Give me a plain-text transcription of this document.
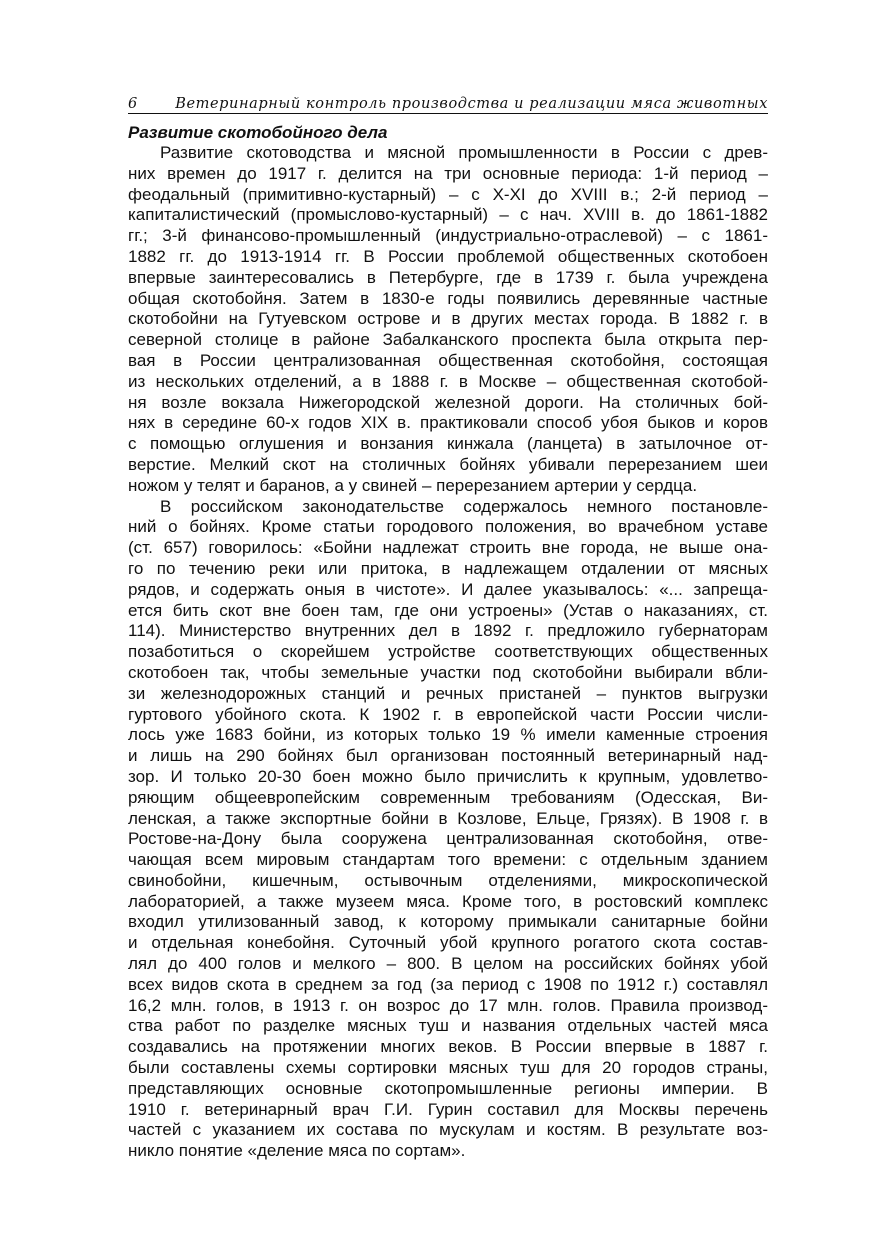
6	Ветеринарный контроль производства и реализации мяса животных
Развитие скотобойного дела

Развитие скотоводства и мясной промышленности в России с древ-
них времен до 1917 г. делится на три основные периода: 1-й период –
феодальный (примитивно-кустарный) – с X-XI до XVIII в.; 2-й период –
капиталистический (промыслово-кустарный) – с нач. XVIII в. до 1861-1882
гг.; 3-й финансово-промышленный (индустриально-отраслевой) – с 1861-
1882 гг. до 1913-1914 гг. В России проблемой общественных скотобоен
впервые заинтересовались в Петербурге, где в 1739 г. была учреждена
общая скотобойня. Затем в 1830-е годы появились деревянные частные
скотобойни на Гутуевском острове и в других местах города. В 1882 г. в
северной столице в районе Забалканского проспекта была открыта пер-
вая в России централизованная общественная скотобойня, состоящая
из нескольких отделений, а в 1888 г. в Москве – общественная скотобой-
ня возле вокзала Нижегородской железной дороги. На столичных бой-
нях в середине 60-х годов XIX в. практиковали способ убоя быков и коров
с помощью оглушения и вонзания кинжала (ланцета) в затылочное от-
верстие. Мелкий скот на столичных бойнях убивали перерезанием шеи
ножом у телят и баранов, а у свиней – перерезанием артерии у сердца.

В российском законодательстве содержалось немного постановле-
ний о бойнях. Кроме статьи городового положения, во врачебном уставе
(ст. 657) говорилось: «Бойни надлежат строить вне города, не выше она-
го по течению реки или притока, в надлежащем отдалении от мясных
рядов, и содержать оныя в чистоте». И далее указывалось: «... запреща-
ется бить скот вне боен там, где они устроены» (Устав о наказаниях, ст.
114). Министерство внутренних дел в 1892 г. предложило губернаторам
позаботиться о скорейшем устройстве соответствующих общественных
скотобоен так, чтобы земельные участки под скотобойни выбирали вбли-
зи железнодорожных станций и речных пристаней – пунктов выгрузки
гуртового убойного скота. К 1902 г. в европейской части России числи-
лось уже 1683 бойни, из которых только 19 % имели каменные строения
и лишь на 290 бойнях был организован постоянный ветеринарный над-
зор. И только 20-30 боен можно было причислить к крупным, удовлетво-
ряющим общеевропейским современным требованиям (Одесская, Ви-
ленская, а также экспортные бойни в Козлове, Ельце, Грязях). В 1908 г. в
Ростове-на-Дону была сооружена централизованная скотобойня, отве-
чающая всем мировым стандартам того времени: с отдельным зданием
свинобойни, кишечным, остывочным отделениями, микроскопической
лабораторией, а также музеем мяса. Кроме того, в ростовский комплекс
входил утилизованный завод, к которому примыкали санитарные бойни
и отдельная конебойня. Суточный убой крупного рогатого скота состав-
лял до 400 голов и мелкого – 800. В целом на российских бойнях убой
всех видов скота в среднем за год (за период с 1908 по 1912 г.) составлял
16,2 млн. голов, в 1913 г. он возрос до 17 млн. голов. Правила производ-
ства работ по разделке мясных туш и названия отдельных частей мяса
создавались на протяжении многих веков. В России впервые в 1887 г.
были составлены схемы сортировки мясных туш для 20 городов страны,
представляющих основные скотопромышленные регионы империи. В
1910 г. ветеринарный врач Г.И. Гурин составил для Москвы перечень
частей с указанием их состава по мускулам и костям. В результате воз-
никло понятие «деление мяса по сортам».
